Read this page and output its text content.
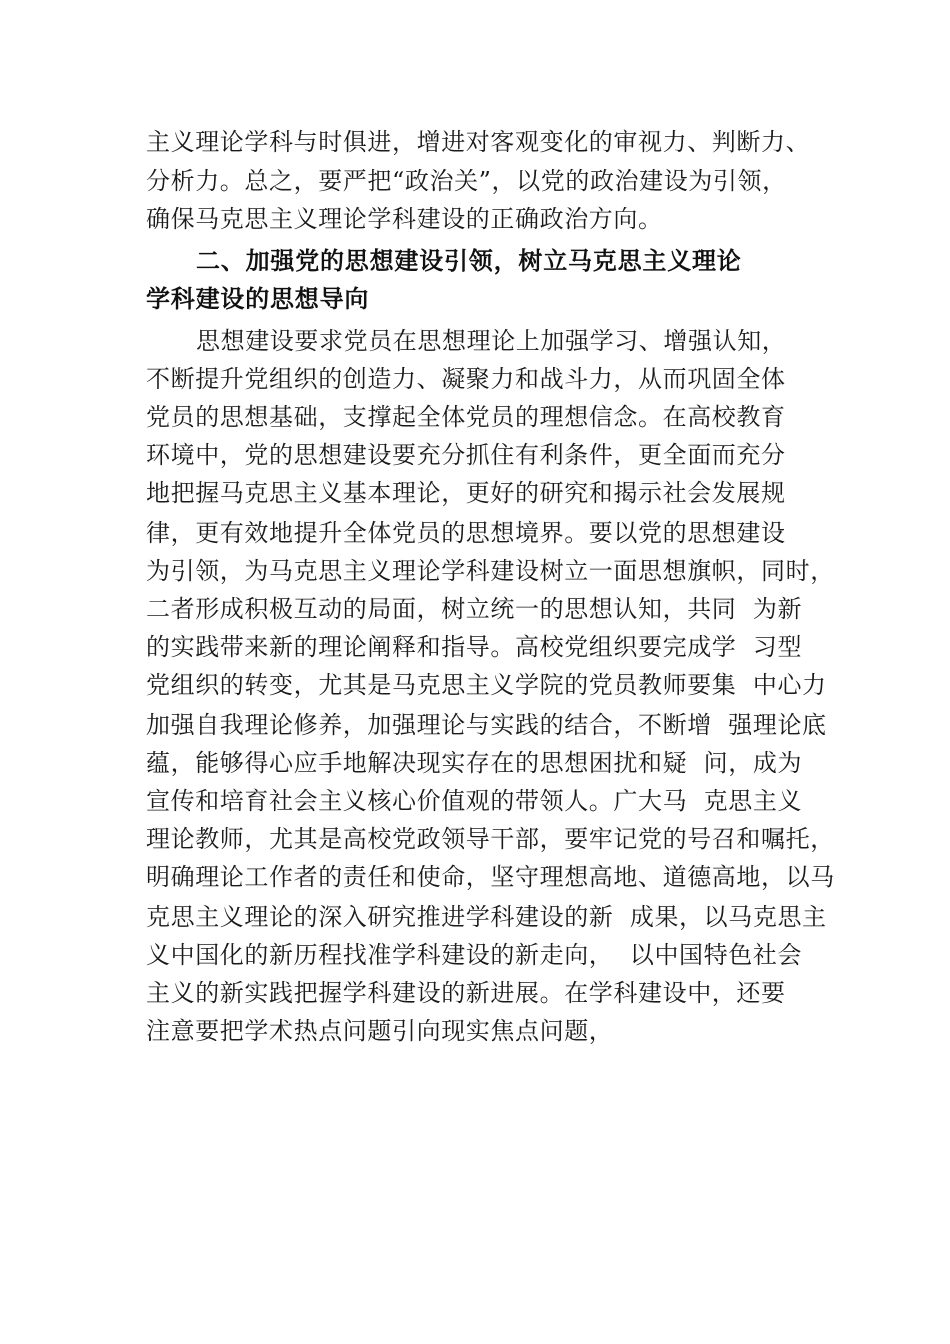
主义理论学科与时俱进，增进对客观变化的审视力、判断力、
分析力。总之，要严把“政治关”，以党的政治建设为引领，
确保马克思主义理论学科建设的正确政治方向。
二、加强党的思想建设引领，树立马克思主义理论
学科建设的思想导向
思想建设要求党员在思想理论上加强学习、增强认知，
不断提升党组织的创造力、凝聚力和战斗力，从而巩固全体
党员的思想基础，支撑起全体党员的理想信念。在高校教育
环境中，党的思想建设要充分抓住有利条件，更全面而充分
地把握马克思主义基本理论，更好的研究和揭示社会发展规
律，更有效地提升全体党员的思想境界。要以党的思想建设
为引领，为马克思主义理论学科建设树立一面思想旗帜，同时，
二者形成积极互动的局面，树立统一的思想认知，共同  为新
的实践带来新的理论阐释和指导。高校党组织要完成学  习型
党组织的转变，尤其是马克思主义学院的党员教师要集  中心力
加强自我理论修养，加强理论与实践的结合，不断增  强理论底
蕴，能够得心应手地解决现实存在的思想困扰和疑  问，成为
宣传和培育社会主义核心价值观的带领人。广大马  克思主义
理论教师，尤其是高校党政领导干部，要牢记党的号召和嘱托，
明确理论工作者的责任和使命，坚守理想高地、道德高地，以马
克思主义理论的深入研究推进学科建设的新  成果，以马克思主
义中国化的新历程找准学科建设的新走向，  以中国特色社会
主义的新实践把握学科建设的新进展。在学科建设中，还要
注意要把学术热点问题引向现实焦点问题，
